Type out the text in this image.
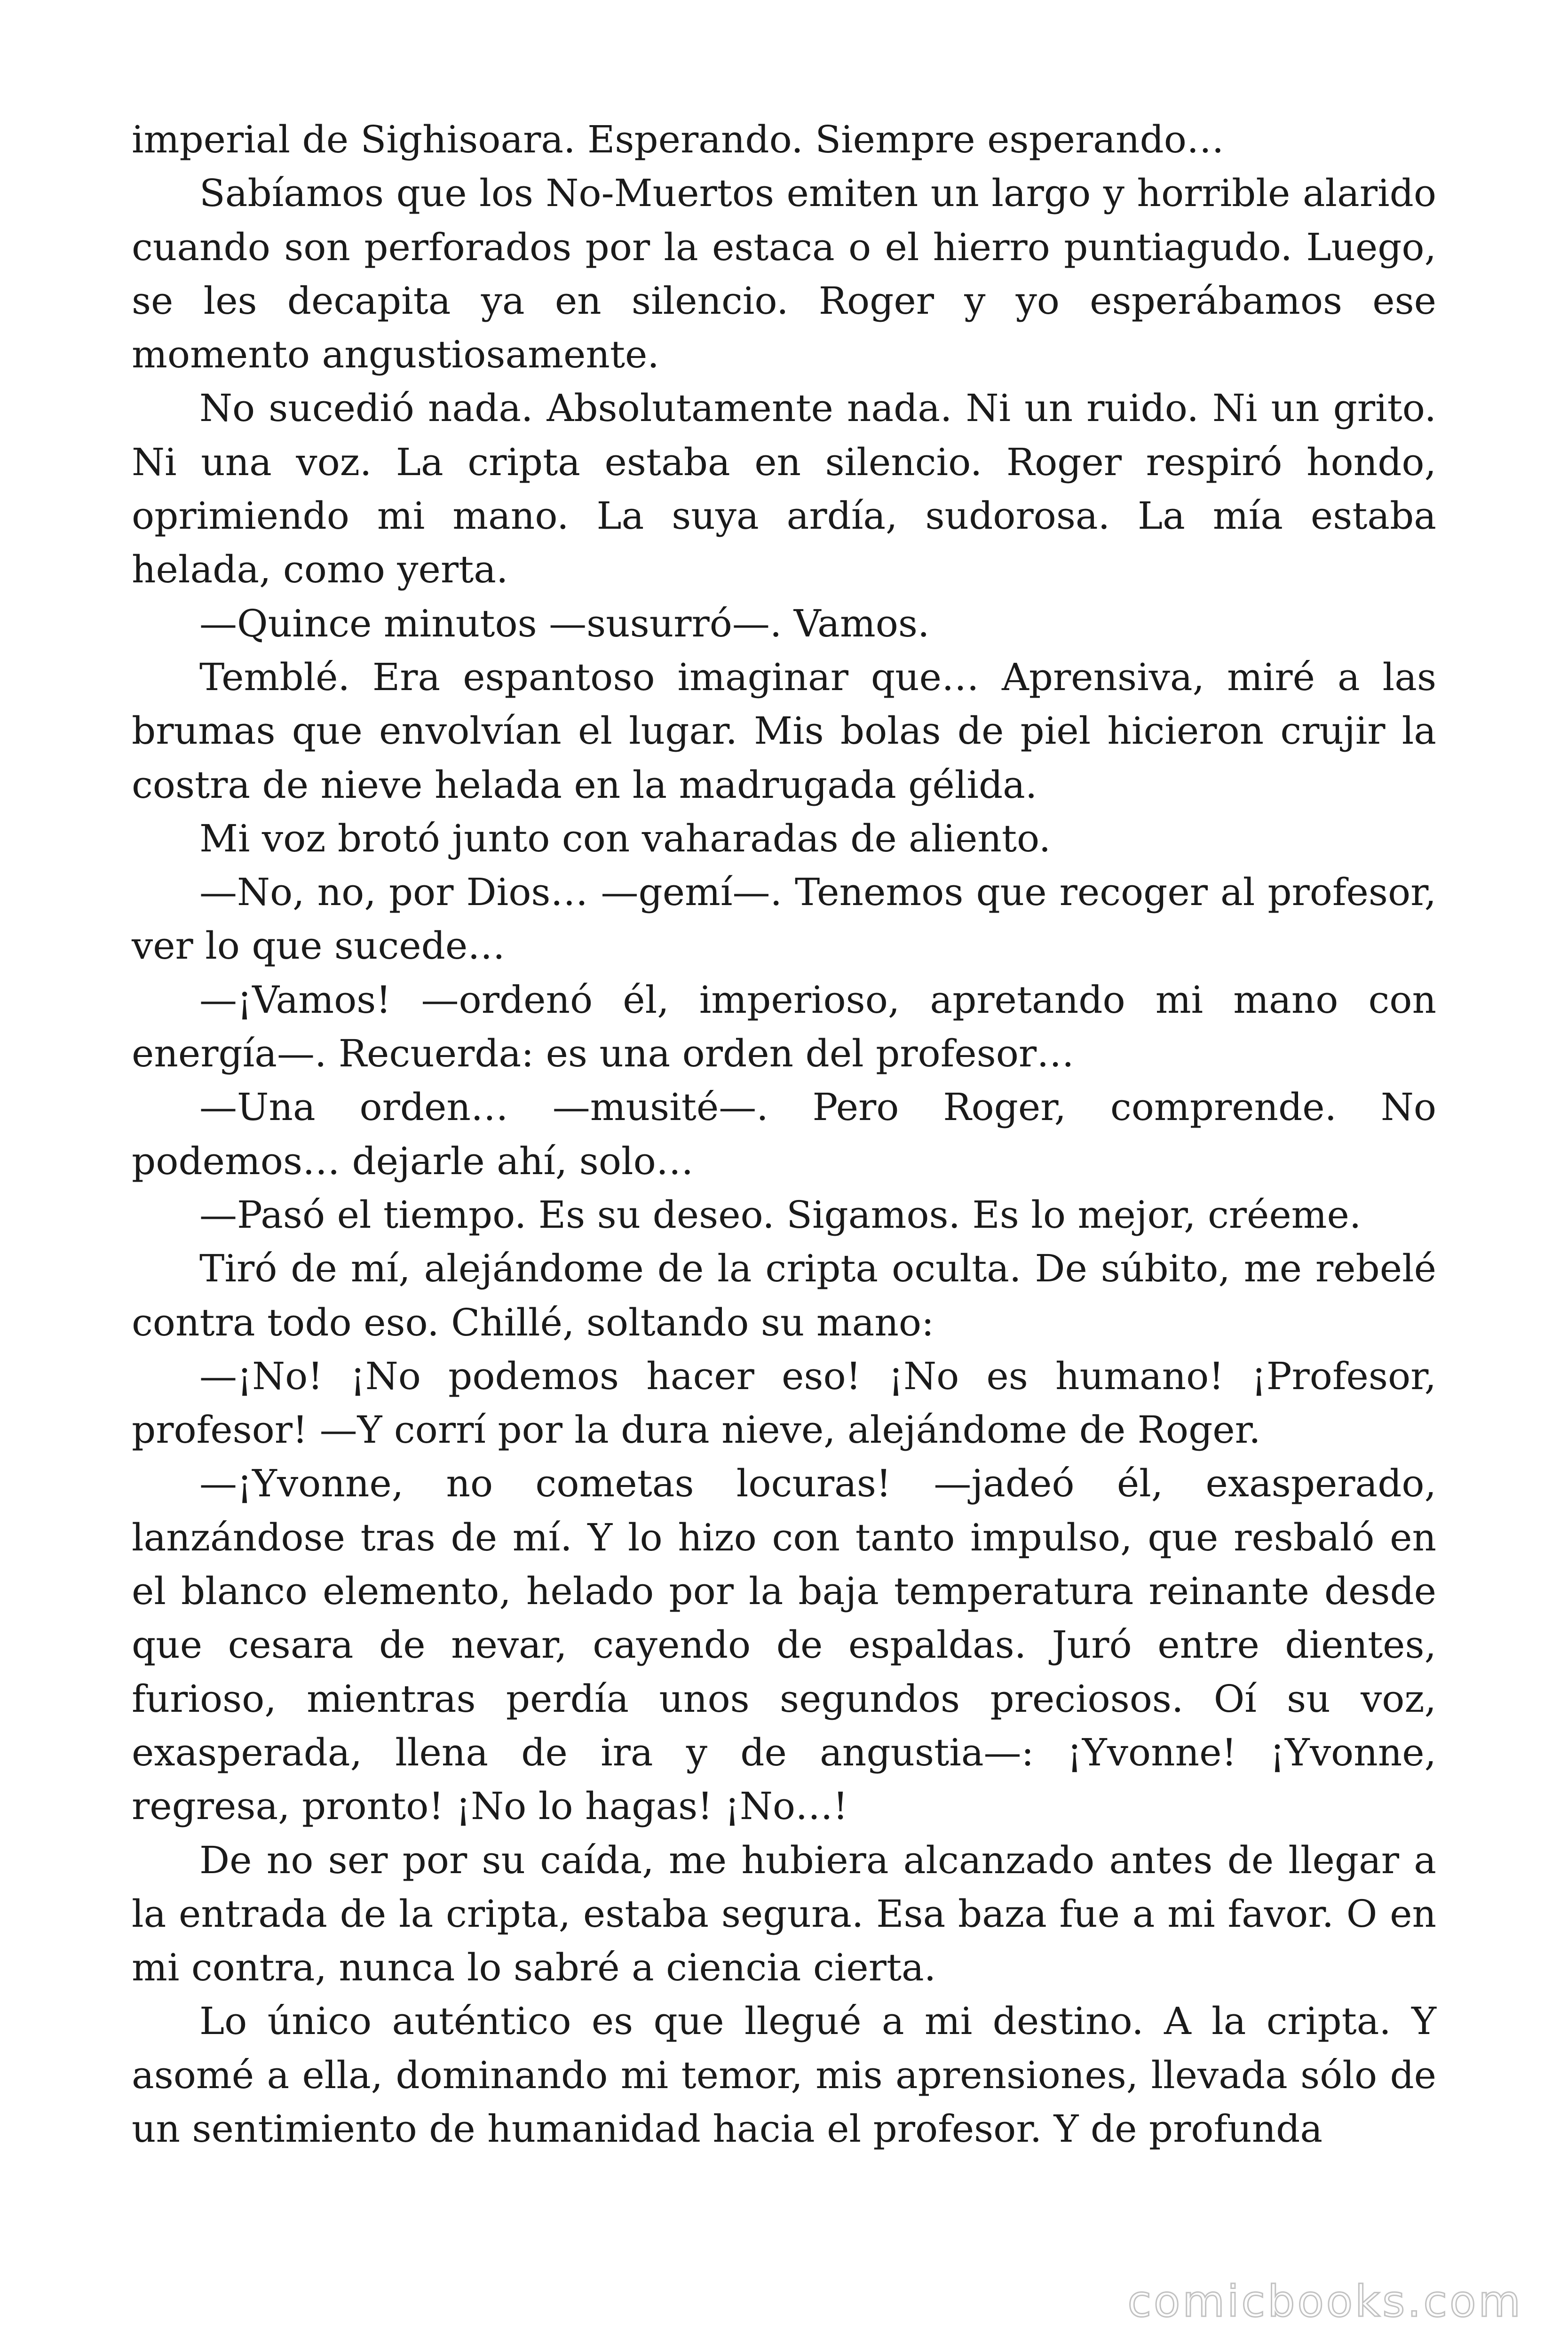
imperial de Sighisoara. Esperando. Siempre esperando…

Sabíamos que los No-Muertos emiten un largo y horrible alarido cuando son perforados por la estaca o el hierro puntiagudo. Luego, se les decapita ya en silencio. Roger y yo esperábamos ese momento angustiosamente.

No sucedió nada. Absolutamente nada. Ni un ruido. Ni un grito. Ni una voz. La cripta estaba en silencio. Roger respiró hondo, oprimiendo mi mano. La suya ardía, sudorosa. La mía estaba helada, como yerta.

—Quince minutos —susurró—. Vamos.

Temblé. Era espantoso imaginar que… Aprensiva, miré a las brumas que envolvían el lugar. Mis bolas de piel hicieron crujir la costra de nieve helada en la madrugada gélida.

Mi voz brotó junto con vaharadas de aliento.

—No, no, por Dios… —gemí—. Tenemos que recoger al profesor, ver lo que sucede…

—¡Vamos! —ordenó él, imperioso, apretando mi mano con energía—. Recuerda: es una orden del profesor…

—Una orden… —musité—. Pero Roger, comprende. No podemos… dejarle ahí, solo…

—Pasó el tiempo. Es su deseo. Sigamos. Es lo mejor, créeme.

Tiró de mí, alejándome de la cripta oculta. De súbito, me rebelé contra todo eso. Chillé, soltando su mano:

—¡No! ¡No podemos hacer eso! ¡No es humano! ¡Profesor, profesor! —Y corrí por la dura nieve, alejándome de Roger.

—¡Yvonne, no cometas locuras! —jadeó él, exasperado, lanzándose tras de mí. Y lo hizo con tanto impulso, que resbaló en el blanco elemento, helado por la baja temperatura reinante desde que cesara de nevar, cayendo de espaldas. Juró entre dientes, furioso, mientras perdía unos segundos preciosos. Oí su voz, exasperada, llena de ira y de angustia—: ¡Yvonne! ¡Yvonne, regresa, pronto! ¡No lo hagas! ¡No…!

De no ser por su caída, me hubiera alcanzado antes de llegar a la entrada de la cripta, estaba segura. Esa baza fue a mi favor. O en mi contra, nunca lo sabré a ciencia cierta.

Lo único auténtico es que llegué a mi destino. A la cripta. Y asomé a ella, dominando mi temor, mis aprensiones, llevada sólo de un sentimiento de humanidad hacia el profesor. Y de profunda

comicbooks.com
